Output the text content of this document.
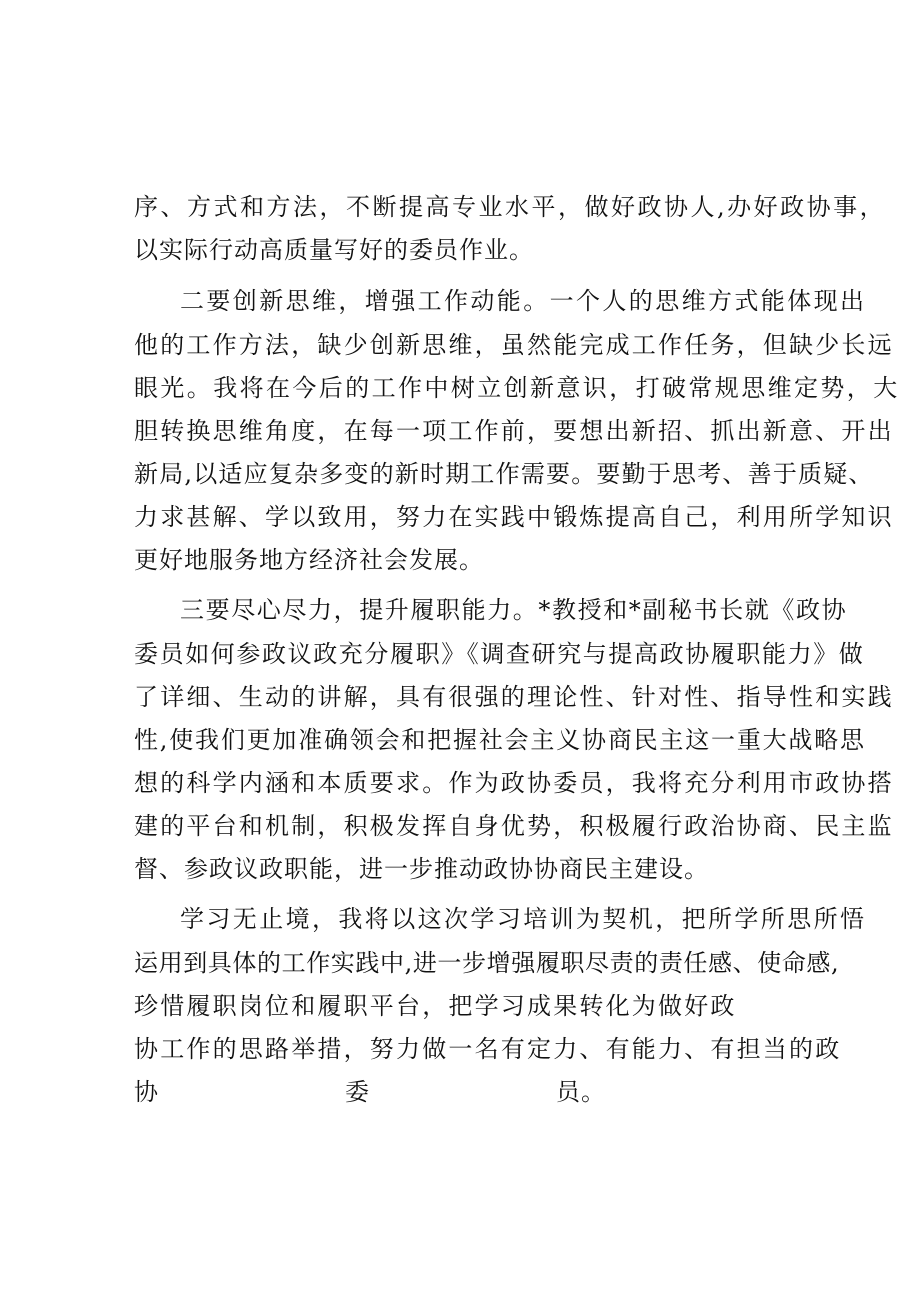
序、方式和方法，不断提高专业水平，做好政协人,办好政协事，
以实际行动高质量写好的委员作业。
二要创新思维，增强工作动能。一个人的思维方式能体现出
他的工作方法，缺少创新思维，虽然能完成工作任务，但缺少长远
眼光。我将在今后的工作中树立创新意识，打破常规思维定势，大
胆转换思维角度，在每一项工作前，要想出新招、抓出新意、开出
新局,以适应复杂多变的新时期工作需要。要勤于思考、善于质疑、
力求甚解、学以致用，努力在实践中锻炼提高自己，利用所学知识
更好地服务地方经济社会发展。
三要尽心尽力，提升履职能力。*教授和*副秘书长就《政协
委员如何参政议政充分履职》《调查研究与提高政协履职能力》做
了详细、生动的讲解，具有很强的理论性、针对性、指导性和实践
性,使我们更加准确领会和把握社会主义协商民主这一重大战略思
想的科学内涵和本质要求。作为政协委员，我将充分利用市政协搭
建的平台和机制，积极发挥自身优势，积极履行政治协商、民主监
督、参政议政职能，进一步推动政协协商民主建设。
学习无止境，我将以这次学习培训为契机，把所学所思所悟
运用到具体的工作实践中,进一步增强履职尽责的责任感、使命感,
珍惜履职岗位和履职平台，把学习成果转化为做好政
协工作的思路举措，努力做一名有定力、有能力、有担当的政
协	委	员。
